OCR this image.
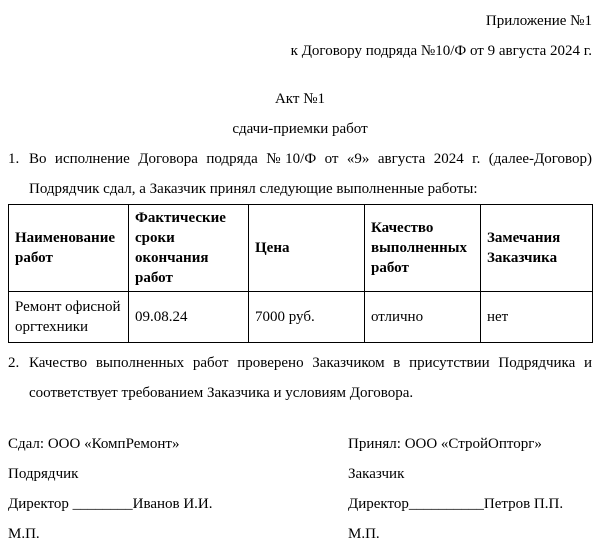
Приложение №1
к Договору подряда №10/Ф от 9 августа 2024 г.
Акт №1
сдачи-приемки работ
1. Во исполнение Договора подряда №10/Ф от «9» августа 2024 г. (далее-Договор)
Подрядчик сдал, а Заказчик принял следующие выполненные работы:
Наименование работ	Фактические сроки окончания работ	Цена	Качество выполненных работ	Замечания Заказчика
Ремонт офисной оргтехники	09.08.24	7000 руб.	отлично	нет
2. Качество выполненных работ проверено Заказчиком в присутствии Подрядчика и
соответствует требованием Заказчика и условиям Договора.
Сдал: ООО «КомпРемонт»
Подрядчик
Директор ________Иванов И.И.
М.П.
Принял: ООО «СтройОпторг»
Заказчик
Директор__________Петров П.П.
М.П.
